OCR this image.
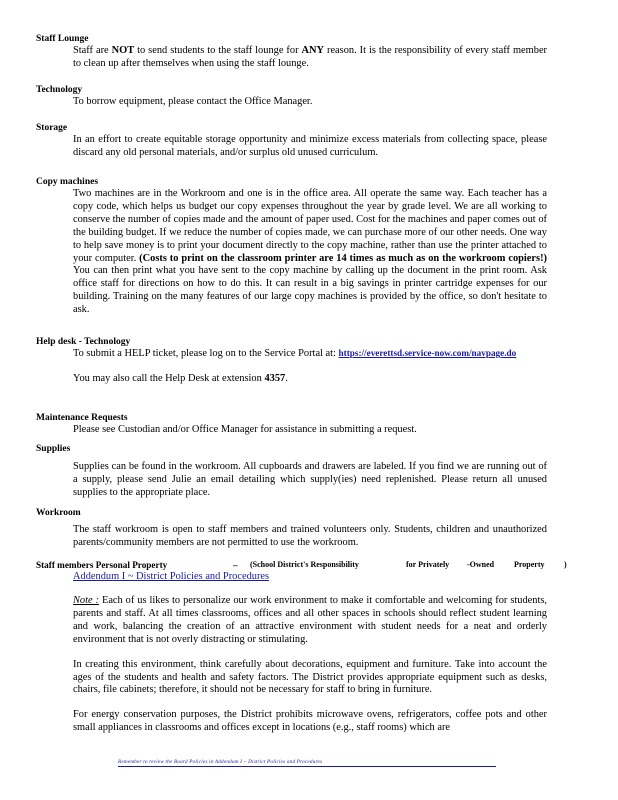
Staff Lounge
Staff are NOT to send students to the staff lounge for ANY reason. It is the responsibility of every staff member to clean up after themselves when using the staff lounge.
Technology
To borrow equipment, please contact the Office Manager.
Storage
In an effort to create equitable storage opportunity and minimize excess materials from collecting space, please discard any old personal materials, and/or surplus old unused curriculum.
Copy machines
Two machines are in the Workroom and one is in the office area. All operate the same way. Each teacher has a copy code, which helps us budget our copy expenses throughout the year by grade level. We are all working to conserve the number of copies made and the amount of paper used. Cost for the machines and paper comes out of the building budget. If we reduce the number of copies made, we can purchase more of our other needs. One way to help save money is to print your document directly to the copy machine, rather than use the printer attached to your computer. (Costs to print on the classroom printer are 14 times as much as on the workroom copiers!) You can then print what you have sent to the copy machine by calling up the document in the print room. Ask office staff for directions on how to do this. It can result in a big savings in printer cartridge expenses for our building. Training on the many features of our large copy machines is provided by the office, so don't hesitate to ask.
Help desk - Technology

To submit a HELP ticket, please log on to the Service Portal at: https://everettsd.service-now.com/navpage.do

You may also call the Help Desk at extension 4357.

Maintenance Requests
Please see Custodian and/or Office Manager for assistance in submitting a request.
Supplies
Supplies can be found in the workroom. All cupboards and drawers are labeled. If you find we are running out of a supply, please send Julie an email detailing which supply(ies) need replenished. Please return all unused supplies to the appropriate place.
Workroom
The staff workroom is open to staff members and trained volunteers only. Students, children and unauthorized parents/community members are not permitted to use the workroom.
Staff members Personal Property	– (School District's Responsibility	for Privately -Owned Property )
Addendum I ~ District Policies and Procedures

Note : Each of us likes to personalize our work environment to make it comfortable and welcoming for students, parents and staff. At all times classrooms, offices and all other spaces in schools should reflect student learning and work, balancing the creation of an attractive environment with student needs for a neat and orderly environment that is not overly distracting or stimulating.

In creating this environment, think carefully about decorations, equipment and furniture. Take into account the ages of the students and health and safety factors. The District provides appropriate equipment such as desks, chairs, file cabinets; therefore, it should not be necessary for staff to bring in furniture.

For energy conservation purposes, the District prohibits microwave ovens, refrigerators, coffee pots and other small appliances in classrooms and offices except in locations (e.g., staff rooms) which are

Remember to review the Board Policies in Addendum I ~ District Policies and Procedures
